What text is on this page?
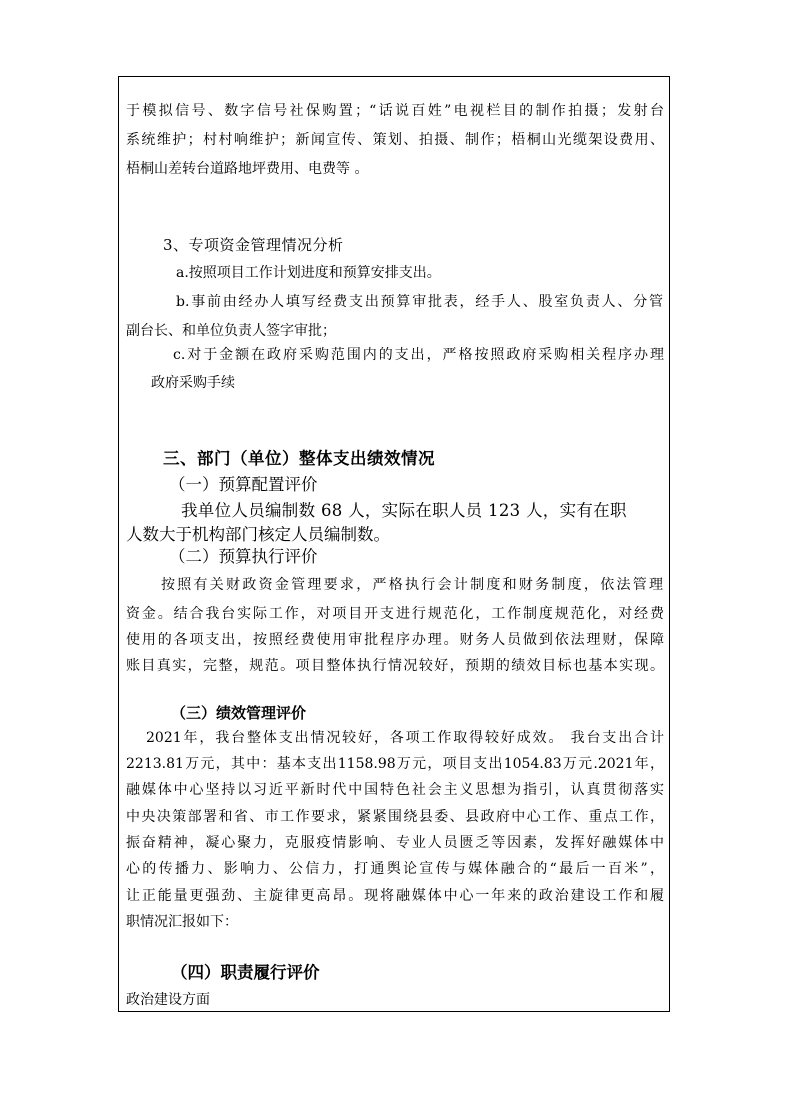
于模拟信号、数字信号社保购置；“话说百姓”电视栏目的制作拍摄；发射台
系统维护；村村响维护；新闻宣传、策划、拍摄、制作；梧桐山光缆架设费用、
梧桐山差转台道路地坪费用、电费等 。
3、专项资金管理情况分析
a.按照项目工作计划进度和预算安排支出。
b.事前由经办人填写经费支出预算审批表，经手人、股室负责人、分管
副台长、和单位负责人签字审批；
c.对于金额在政府采购范围内的支出，严格按照政府采购相关程序办理
政府采购手续
三、部门（单位）整体支出绩效情况
（一）预算配置评价
我单位人员编制数 68 人，实际在职人员 123 人，实有在职
人数大于机构部门核定人员编制数。
（二）预算执行评价
按照有关财政资金管理要求，严格执行会计制度和财务制度，依法管理
资金。结合我台实际工作，对项目开支进行规范化，工作制度规范化，对经费
使用的各项支出，按照经费使用审批程序办理。财务人员做到依法理财，保障
账目真实，完整，规范。项目整体执行情况较好，预期的绩效目标也基本实现。
（三）绩效管理评价
2021年，我台整体支出情况较好，各项工作取得较好成效。 我台支出合计
2213.81万元，其中：基本支出1158.98万元，项目支出1054.83万元.2021年，
融媒体中心坚持以习近平新时代中国特色社会主义思想为指引，认真贯彻落实
中央决策部署和省、市工作要求，紧紧围绕县委、县政府中心工作、重点工作，
振奋精神，凝心聚力，克服疫情影响、专业人员匮乏等因素，发挥好融媒体中
心的传播力、影响力、公信力，打通舆论宣传与媒体融合的“最后一百米”，
让正能量更强劲、主旋律更高昂。现将融媒体中心一年来的政治建设工作和履
职情况汇报如下：
（四）职责履行评价
政治建设方面
